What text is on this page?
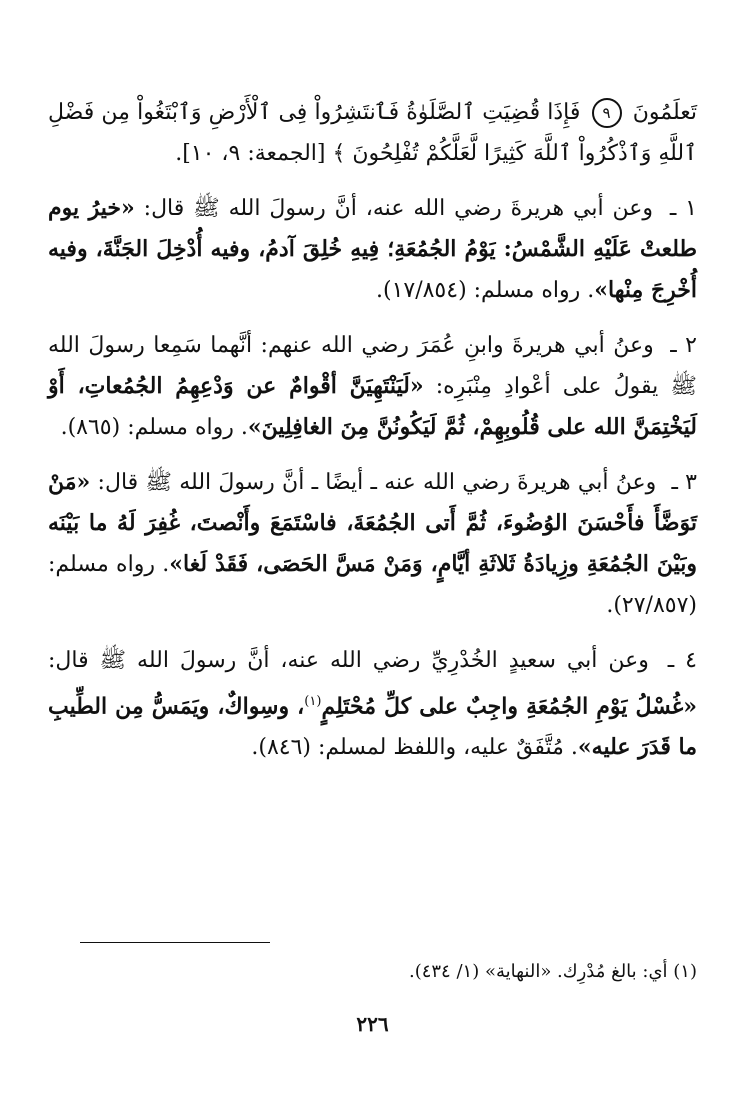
تَعلَمُونَ ٩ فَإِذَا قُضِيَتِ ٱلصَّلَوٰةُ فَٱنتَشِرُواْ فِى ٱلْأَرْضِ وَٱبْتَغُواْ مِن فَضْلِ ٱللَّهِ وَٱذْكُرُواْ ٱللَّهَ كَثِيرًا لَّعَلَّكُمْ تُفْلِحُونَ ﴾ [الجمعة: ٩، ١٠].

١ ـ وعن أبي هريرةَ رضي الله عنه، أنَّ رسولَ الله ﷺ قال: «خيرُ يوم طلعتْ عَلَيْهِ الشَّمْسُ: يَوْمُ الجُمُعَةِ؛ فِيهِ خُلِقَ آدمُ، وفيه أُدْخِلَ الجَنَّةَ، وفيه أُخْرِجَ مِنْها». رواه مسلم: (١٧/٨٥٤).

٢ ـ وعنُ أبي هريرةَ وابنِ عُمَرَ رضي الله عنهم: أنَّهما سَمِعا رسولَ الله ﷺ يقولُ على أعْوادِ مِنْبَرِه: «لَيَنْتَهِيَنَّ أقْوامٌ عن وَدْعِهِمُ الجُمُعاتِ، أَوْ لَيَخْتِمَنَّ الله على قُلُوبِهِمْ، ثُمَّ لَيَكُونُنَّ مِنَ الغافِلِينَ». رواه مسلم: (٨٦٥).

٣ ـ وعنُ أبي هريرةَ رضي الله عنه ـ أيضًا ـ أنَّ رسولَ الله ﷺ قال: «مَنْ تَوَضَّأَ فأَحْسَنَ الوُضُوءَ، ثُمَّ أَتى الجُمُعَةَ، فاسْتَمَعَ وأَنْصتَ، غُفِرَ لَهُ ما بَيْنَه وبَيْنَ الجُمُعَةِ وزِيادَةُ ثَلاثَةِ أيَّامٍ، وَمَنْ مَسَّ الحَصَى، فَقَدْ لَغا». رواه مسلم: (٢٧/٨٥٧).

٤ ـ وعن أبي سعيدٍ الخُدْرِيِّ رضي الله عنه، أنَّ رسولَ الله ﷺ قال: «غُسْلُ يَوْمِ الجُمُعَةِ واجِبٌ على كلِّ مُحْتَلِمٍ$^{(١)}$، وسِواكٌ، ويَمَسُّ مِن الطِّيبِ ما قَدَرَ عليه». مُتَّفَقٌ عليه، واللفظ لمسلم: (٨٤٦).

(١) أي: بالغ مُدْرِك. «النهاية» (١/ ٤٣٤).
٢٢٦
